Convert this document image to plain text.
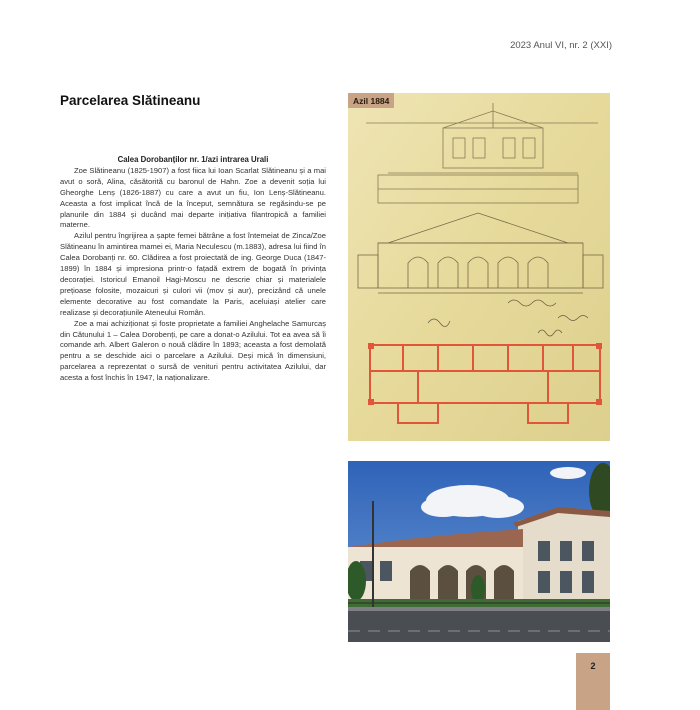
2023 Anul VI, nr. 2 (XXI)
Parcelarea Slătineanu
Calea Dorobanților nr. 1/azi intrarea Urali

Zoe Slătineanu (1825-1907) a fost fiica lui Ioan Scarlat Slătineanu și a mai avut o soră, Alina, căsătorită cu baronul de Hahn. Zoe a devenit soția lui Gheorghe Lenș (1826-1887) cu care a avut un fiu, Ion Lenș-Slătineanu. Aceasta a fost implicat încă de la început, semnătura se regăsindu-se pe planurile din 1884 și ducând mai departe inițiativa filantropică a familiei materne.

Azilul pentru îngrijirea a șapte femei bătrâne a fost întemeiat de Zinca/Zoe Slătineanu în amintirea mamei ei, Maria Neculescu (m.1883), adresa lui fiind în Calea Dorobanți nr. 60. Clădirea a fost proiectată de ing. George Duca (1847-1899) în 1884 și impresiona printr-o fațadă extrem de bogată în privința decorației. Istoricul Emanoil Hagi-Moscu ne descrie chiar și materialele prețioase folosite, mozaicuri și culori vii (mov și aur), precizând că unele elemente decorative au fost comandate la Paris, aceluiași atelier care realizase și decorațiunile Ateneului Român.

Zoe a mai achiziționat și foste proprietate a familiei Anghelache Samurcaș din Cătunului 1 – Calea Dorobenți, pe care a donat-o Azilului. Tot ea avea să îi comande arh. Albert Galeron o nouă clădire în 1893; aceasta a fost demolată pentru a se deschide aici o parcelare a Azilului. Deși mică în dimensiuni, parcelarea a reprezentat o sursă de venituri pentru activitatea Azilului, dar acesta a fost închis în 1947, la naționalizare.

Azil 1884
2
